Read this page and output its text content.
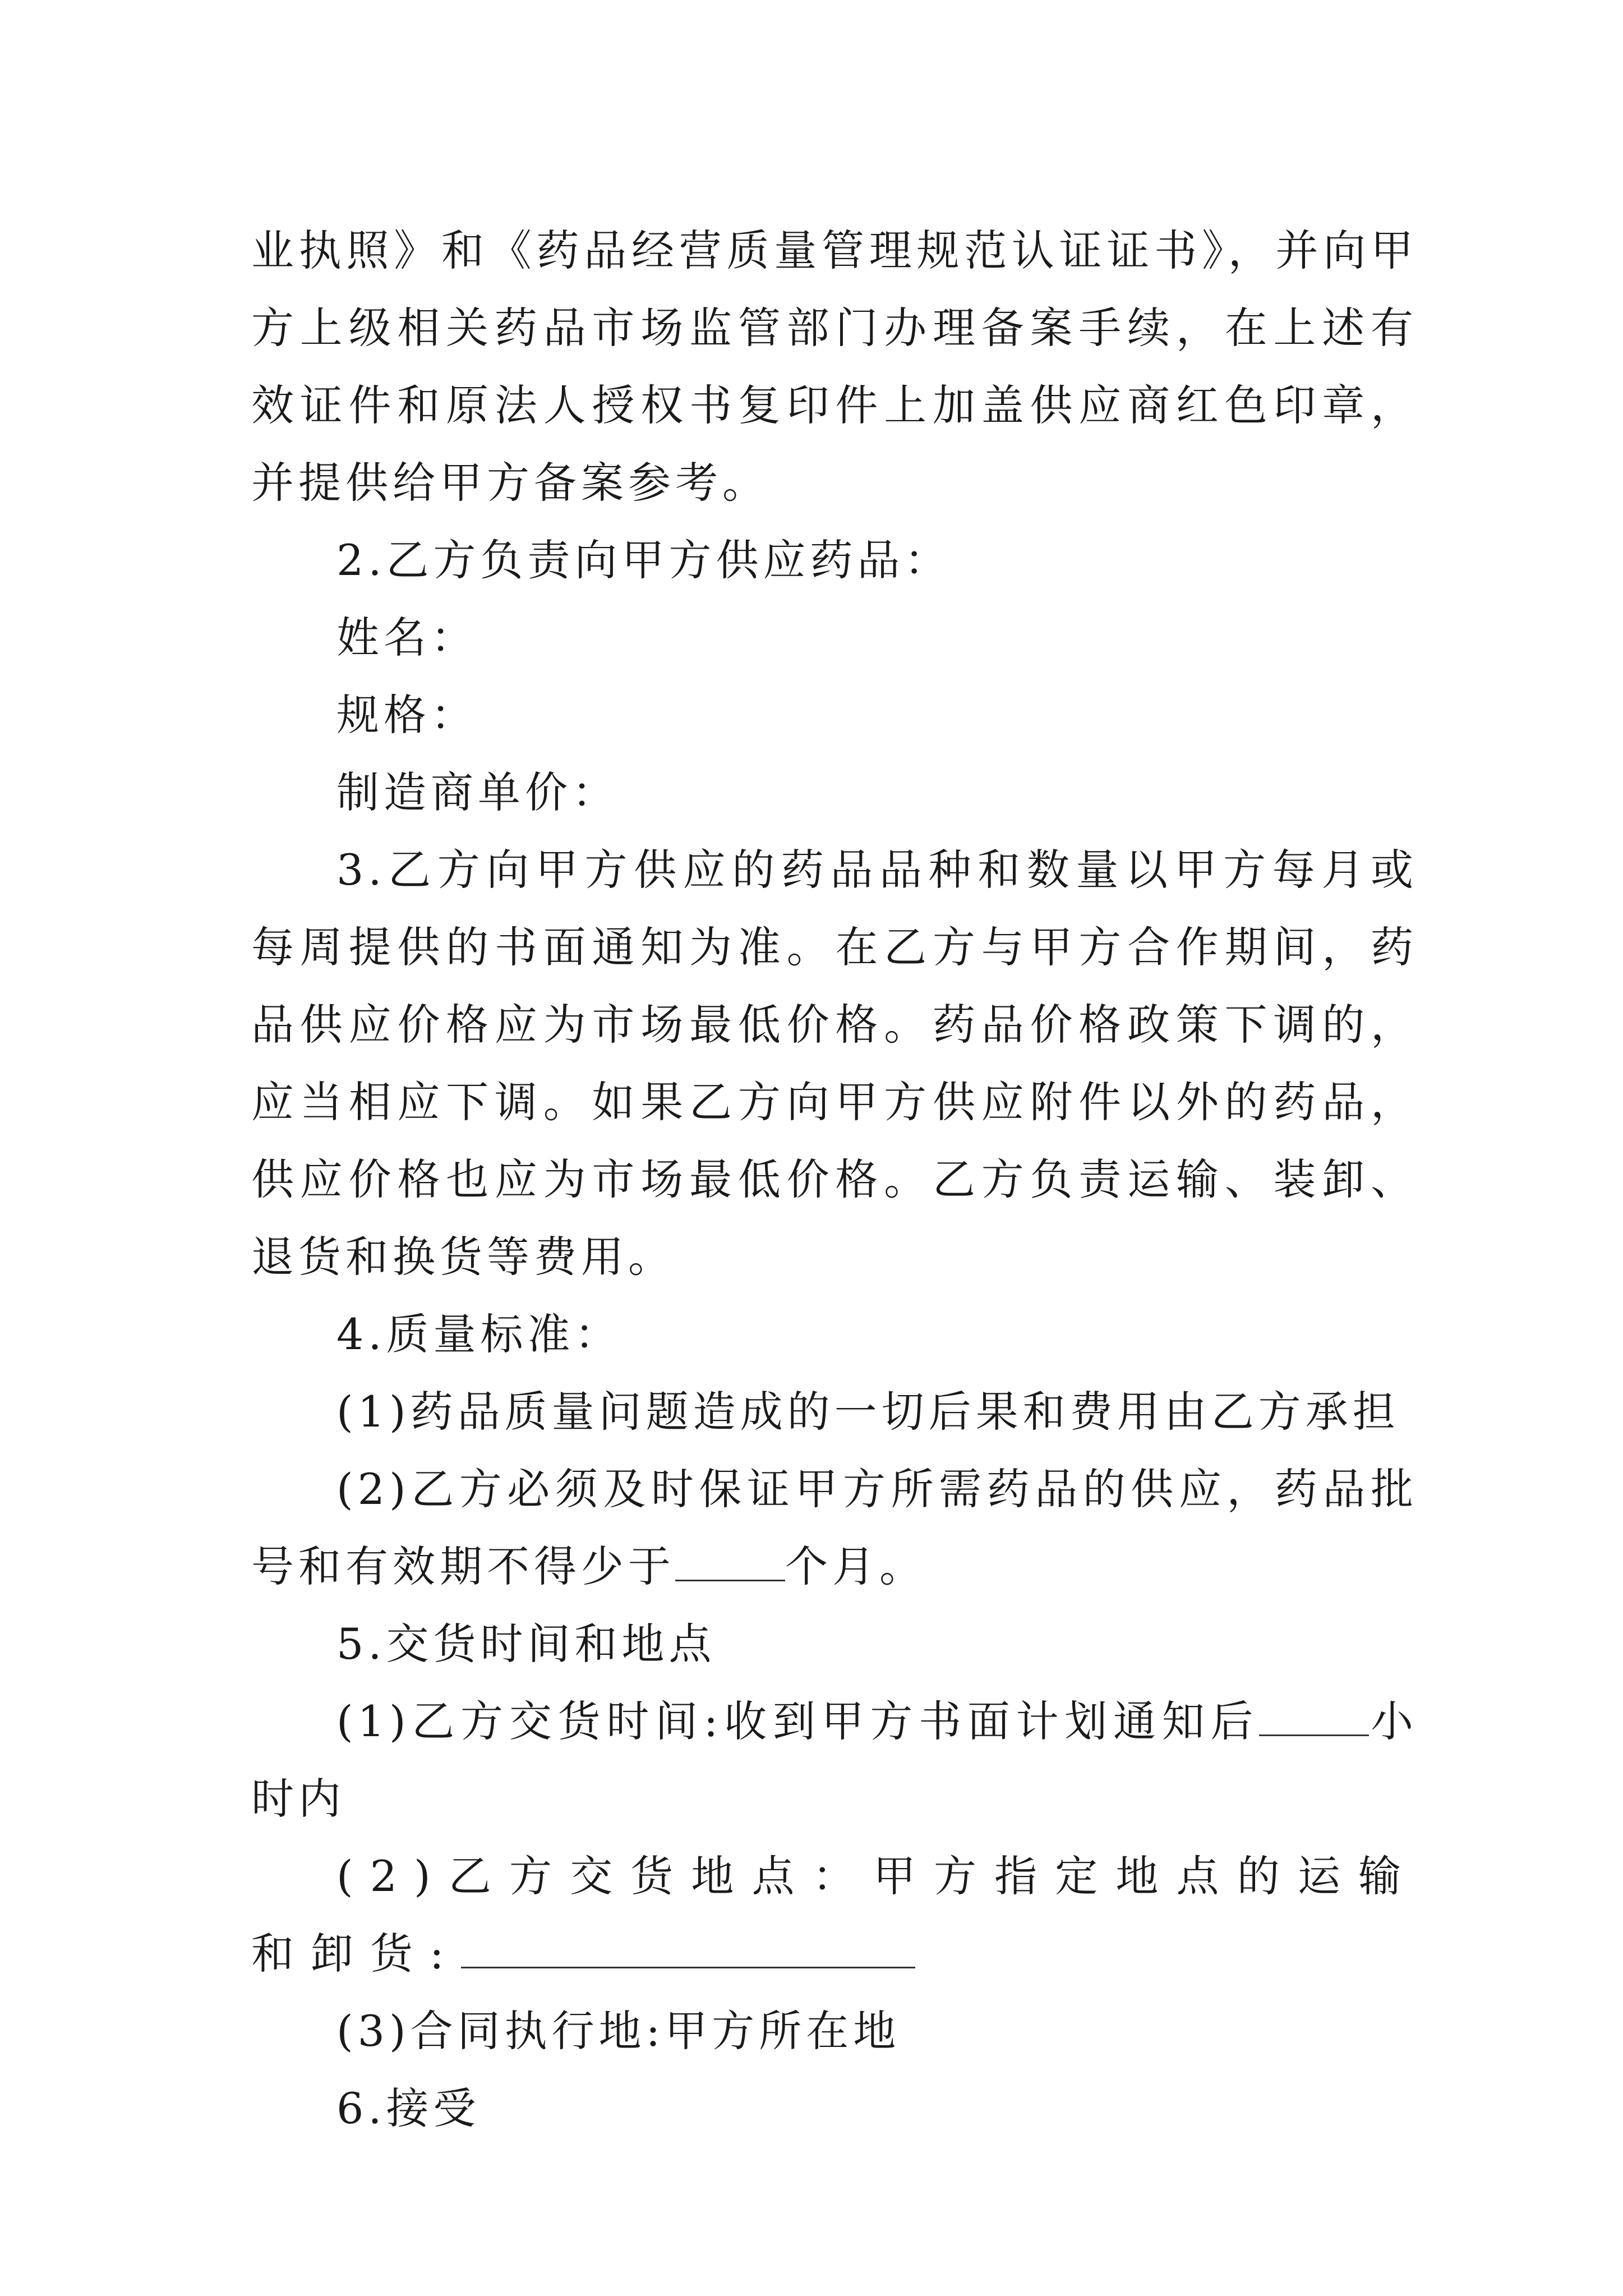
业执照》和《药品经营质量管理规范认证证书》，并向甲方上级相关药品市场监管部门办理备案手续，在上述有效证件和原法人授权书复印件上加盖供应商红色印章，并提供给甲方备案参考。

2.乙方负责向甲方供应药品：

姓名：

规格：

制造商单价：

3.乙方向甲方供应的药品品种和数量以甲方每月或每周提供的书面通知为准。在乙方与甲方合作期间，药品供应价格应为市场最低价格。药品价格政策下调的，应当相应下调。如果乙方向甲方供应附件以外的药品，供应价格也应为市场最低价格。乙方负责运输、装卸、退货和换货等费用。

4.质量标准：

(1)药品质量问题造成的一切后果和费用由乙方承担

(2)乙方必须及时保证甲方所需药品的供应，药品批号和有效期不得少于	个月。

5.交货时间和地点

(1)乙方交货时间:收到甲方书面计划通知后	小时内

(2)乙方交货地点：甲方指定地点的运输和卸货:

(3)合同执行地:甲方所在地

6.接受
